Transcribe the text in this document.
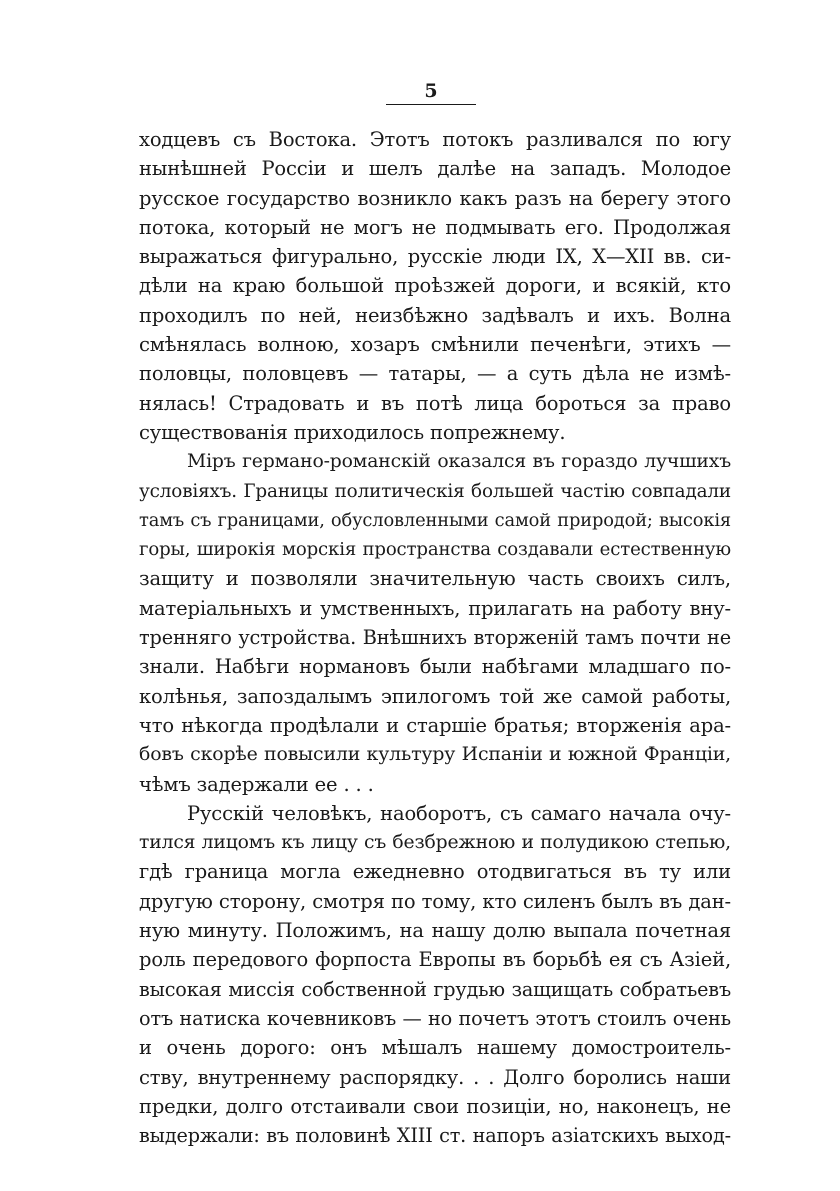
5
ходцевъ съ Востока. Этотъ потокъ разливался по югу
нынѣшней Россіи и шелъ далѣе на западъ. Молодое
русское государство возникло какъ разъ на берегу этого
потока, который не могъ не подмывать его. Продолжая
выражаться фигурально, русскіе люди IX, X—XII вв. си-
дѣли на краю большой проѣзжей дороги, и всякій, кто
проходилъ по ней, неизбѣжно задѣвалъ и ихъ. Волна
смѣнялась волною, хозаръ смѣнили печенѣги, этихъ —
половцы, половцевъ — татары, — а суть дѣла не измѣ-
нялась! Страдовать и въ потѣ лица бороться за право
существованія приходилось попрежнему.
Міръ германо-романскій оказался въ гораздо лучшихъ
условіяхъ. Границы политическія большей частію совпадали
тамъ съ границами, обусловленными самой природой; высокія
горы, широкія морскія пространства создавали естественную
защиту и позволяли значительную часть своихъ силъ,
матеріальныхъ и умственныхъ, прилагать на работу вну-
тренняго устройства. Внѣшнихъ вторженій тамъ почти не
знали. Набѣги нормановъ были набѣгами младшаго по-
колѣнья, запоздалымъ эпилогомъ той же самой работы,
что нѣкогда продѣлали и старшіе братья; вторженія ара-
бовъ скорѣе повысили культуру Испаніи и южной Франціи,
чѣмъ задержали ее . . .
Русскій человѣкъ, наоборотъ, съ самаго начала очу-
тился лицомъ къ лицу съ безбрежною и полудикою степью,
гдѣ граница могла ежедневно отодвигаться въ ту или
другую сторону, смотря по тому, кто силенъ былъ въ дан-
ную минуту. Положимъ, на нашу долю выпала почетная
роль передового форпоста Европы въ борьбѣ ея съ Азіей,
высокая миссія собственной грудью защищать собратьевъ
отъ натиска кочевниковъ — но почетъ этотъ стоилъ очень
и очень дорого: онъ мѣшалъ нашему домостроитель-
ству, внутреннему распорядку. . . Долго боролись наши
предки, долго отстаивали свои позиціи, но, наконецъ, не
выдержали: въ половинѣ XIII ст. напоръ азіатскихъ выход-
